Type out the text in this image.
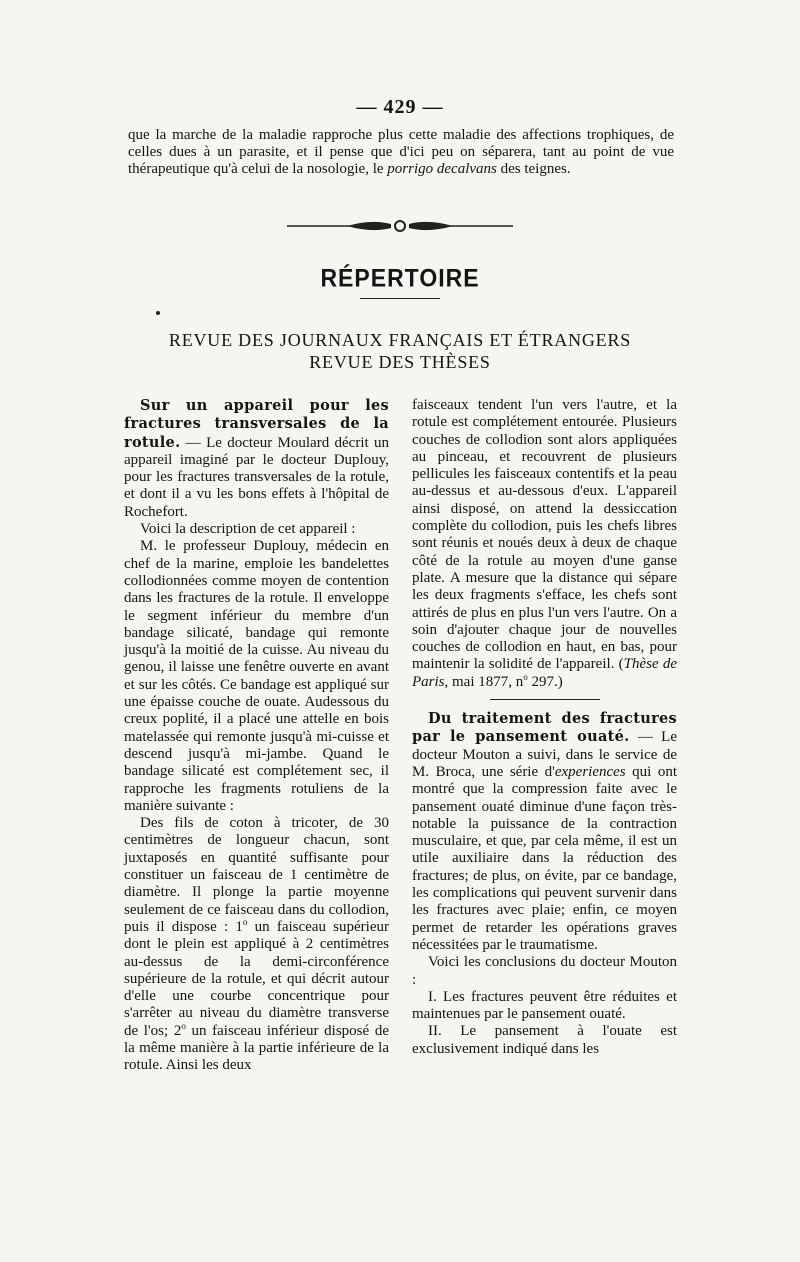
— 429 —

que la marche de la maladie rapproche plus cette maladie des affections trophiques, de celles dues à un parasite, et il pense que d'ici peu on séparera, tant au point de vue thérapeutique qu'à celui de la nosologie, le porrigo decalvans des teignes.

RÉPERTOIRE
REVUE DES JOURNAUX FRANÇAIS ET ÉTRANGERS
REVUE DES THÈSES

Sur un appareil pour les fractures transversales de la rotule. — Le docteur Moulard décrit un appareil imaginé par le docteur Duplouy, pour les fractures transversales de la rotule, et dont il a vu les bons effets à l'hôpital de Rochefort.

Voici la description de cet appareil :

M. le professeur Duplouy, médecin en chef de la marine, emploie les bandelettes collodionnées comme moyen de contention dans les fractures de la rotule. Il enveloppe le segment inférieur du membre d'un bandage silicaté, bandage qui remonte jusqu'à la moitié de la cuisse. Au niveau du genou, il laisse une fenêtre ouverte en avant et sur les côtés. Ce bandage est appliqué sur une épaisse couche de ouate. Audessous du creux poplité, il a placé une attelle en bois matelassée qui remonte jusqu'à mi-cuisse et descend jusqu'à mi-jambe. Quand le bandage silicaté est complétement sec, il rapproche les fragments rotuliens de la manière suivante :

Des fils de coton à tricoter, de 30 centimètres de longueur chacun, sont juxtaposés en quantité suffisante pour constituer un faisceau de 1 centimètre de diamètre. Il plonge la partie moyenne seulement de ce faisceau dans du collodion, puis il dispose : 1$^o$ un faisceau supérieur dont le plein est appliqué à 2 centimètres au-dessus de la demi-circonférence supérieure de la rotule, et qui décrit autour d'elle une courbe concentrique pour s'arrêter au niveau du diamètre transverse de l'os; 2$^o$ un faisceau inférieur disposé de la même manière à la partie inférieure de la rotule. Ainsi les deux

faisceaux tendent l'un vers l'autre, et la rotule est complétement entourée. Plusieurs couches de collodion sont alors appliquées au pinceau, et recouvrent de plusieurs pellicules les faisceaux contentifs et la peau au-dessus et au-dessous d'eux. L'appareil ainsi disposé, on attend la dessiccation complète du collodion, puis les chefs libres sont réunis et noués deux à deux de chaque côté de la rotule au moyen d'une ganse plate. A mesure que la distance qui sépare les deux fragments s'efface, les chefs sont attirés de plus en plus l'un vers l'autre. On a soin d'ajouter chaque jour de nouvelles couches de collodion en haut, en bas, pour maintenir la solidité de l'appareil. (Thèse de Paris, mai 1877, $n^o$ 297.)

Du traitement des fractures par le pansement ouaté. — Le docteur Mouton a suivi, dans le service de M. Broca, une série d'experiences qui ont montré que la compression faite avec le pansement ouaté diminue d'une façon très-notable la puissance de la contraction musculaire, et que, par cela même, il est un utile auxiliaire dans la réduction des fractures; de plus, on évite, par ce bandage, les complications qui peuvent survenir dans les fractures avec plaie; enfin, ce moyen permet de retarder les opérations graves nécessitées par le traumatisme.

Voici les conclusions du docteur Mouton :

I. Les fractures peuvent être réduites et maintenues par le pansement ouaté.

II. Le pansement à l'ouate est exclusivement indiqué dans les
